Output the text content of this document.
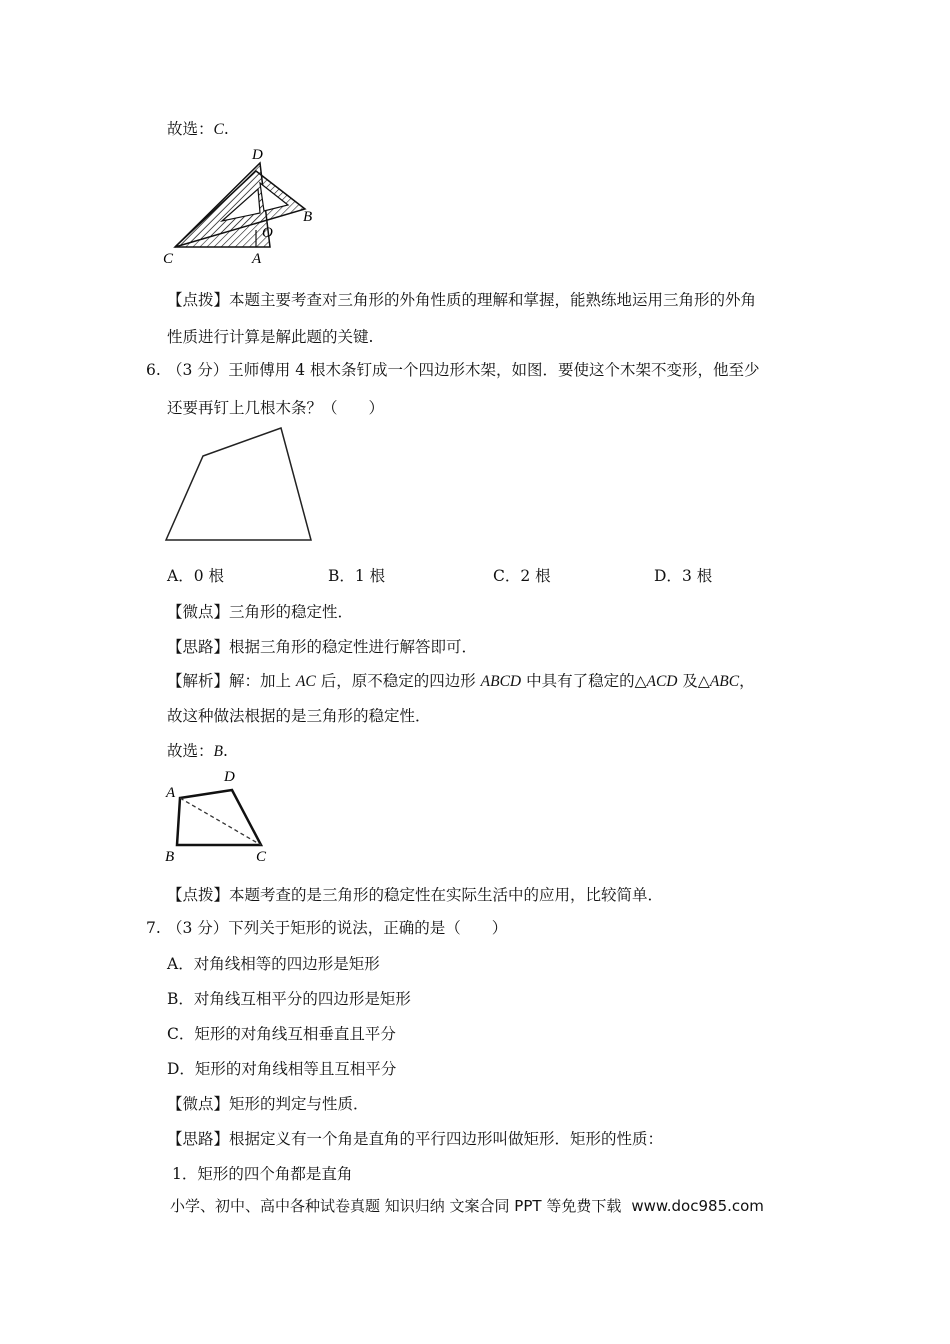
故选：C.
D
B
O
C	A
【点拨】本题主要考查对三角形的外角性质的理解和掌握，能熟练地运用三角形的外角
性质进行计算是解此题的关键.
6. （3 分）王师傅用 4 根木条钉成一个四边形木架，如图．要使这个木架不变形，他至少
还要再钉上几根木条？（　　）
A．0 根	B．1 根	C．2 根	D．3 根
【微点】三角形的稳定性．
【思路】根据三角形的稳定性进行解答即可．
【解析】解：加上 AC 后，原不稳定的四边形 ABCD 中具有了稳定的△ACD 及△ABC，
故这种做法根据的是三角形的稳定性．
故选：B.
A
D
B	C
【点拨】本题考查的是三角形的稳定性在实际生活中的应用，比较简单．
7. （3 分）下列关于矩形的说法，正确的是（　　）
A．对角线相等的四边形是矩形
B．对角线互相平分的四边形是矩形
C．矩形的对角线互相垂直且平分
D．矩形的对角线相等且互相平分
【微点】矩形的判定与性质．
【思路】根据定义有一个角是直角的平行四边形叫做矩形．矩形的性质：
1．矩形的四个角都是直角
小学、初中、高中各种试卷真题 知识归纳 文案合同 PPT 等免费下载 www.doc985.com
